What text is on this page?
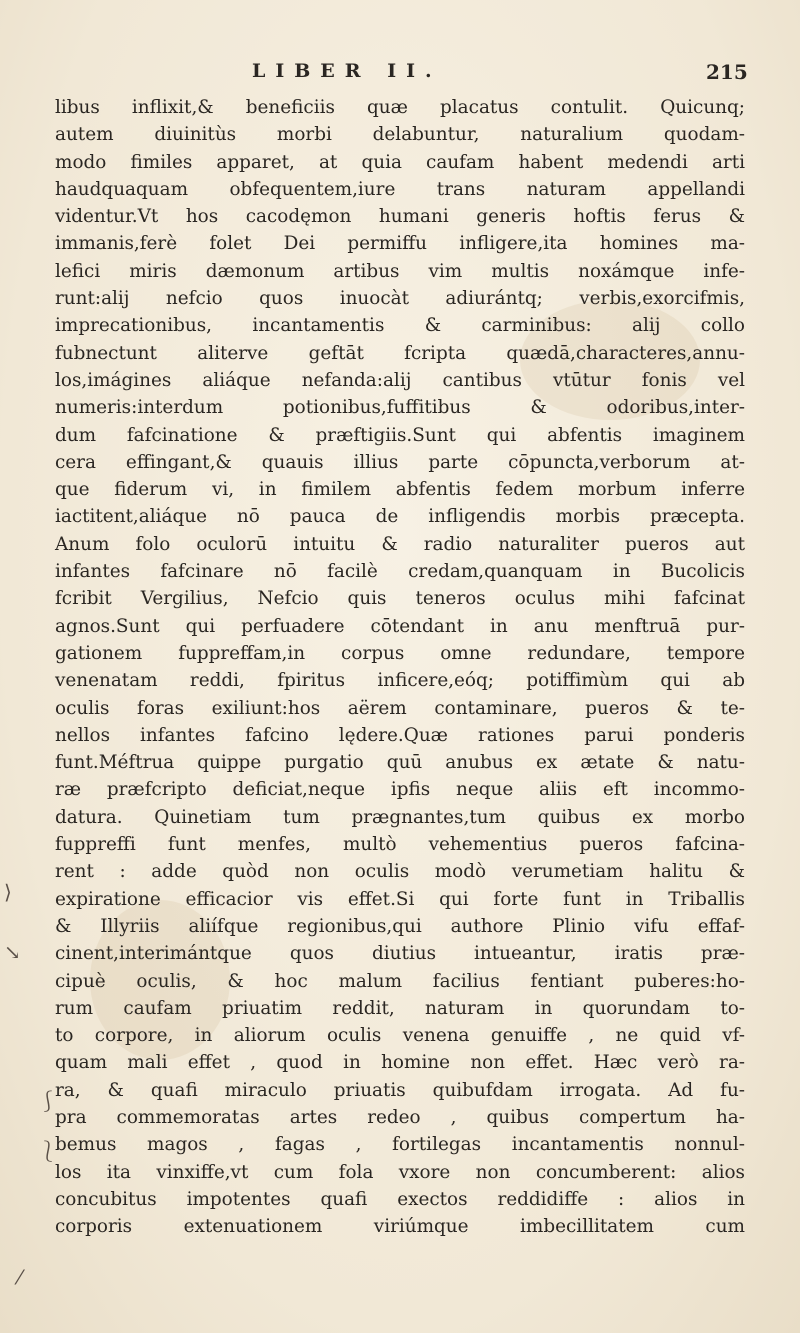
LIBER II.	215
libus inflixit,& beneficiis quæ placatus contulit. Quicunq;
autem diuinitùs morbi delabuntur, naturalium quodam-
modo fimiles apparet, at quia caufam habent medendi arti
haudquaquam obfequentem,iure trans naturam appellandi
videntur.Vt hos cacodęmon humani generis hoftis ferus &
immanis,ferè folet Dei permiffu infligere,ita homines ma-
lefici miris dæmonum artibus vim multis noxámque infe-
runt:alij nefcio quos inuocàt adiurántq; verbis,exorcifmis,
imprecationibus, incantamentis & carminibus: alij collo
fubnectunt aliterve geftāt fcripta quædā,characteres,annu-
los,imágines aliáque nefanda:alij cantibus vtūtur fonis vel
numeris:interdum potionibus,fuffitibus & odoribus,inter-
dum fafcinatione & præftigiis.Sunt qui abfentis imaginem
cera effingant,& quauis illius parte cōpuncta,verborum at-
que fiderum vi, in fimilem abfentis fedem morbum inferre
iactitent,aliáque nō pauca de infligendis morbis præcepta.
Anum folo oculorū intuitu & radio naturaliter pueros aut
infantes fafcinare nō facilè credam,quanquam in Bucolicis
fcribit Vergilius, Nefcio quis teneros oculus mihi fafcinat
agnos.Sunt qui perfuadere cōtendant in anu menftruā pur-
gationem fuppreffam,in corpus omne redundare, tempore
venenatam reddi, fpiritus inficere,eóq; potiffimùm qui ab
oculis foras exiliunt:hos aërem contaminare, pueros & te-
nellos infantes fafcino lędere.Quæ rationes parui ponderis
funt.Méftrua quippe purgatio quū anubus ex ætate & natu-
ræ præfcripto deficiat,neque ipfis neque aliis eft incommo-
datura. Quinetiam tum prægnantes,tum quibus ex morbo
fuppreffi funt menfes, multò vehementius pueros fafcina-
rent : adde quòd non oculis modò verumetiam halitu &
expiratione efficacior vis effet.Si qui forte funt in Triballis
& Illyriis aliífque regionibus,qui authore Plinio vifu effaf-
cinent,interimántque quos diutius intueantur, iratis præ-
cipuè oculis, & hoc malum facilius fentiant puberes:ho-
rum caufam priuatim reddit, naturam in quorundam to-
to corpore, in aliorum oculis venena genuiffe , ne quid vf-
quam mali effet , quod in homine non effet. Hæc verò ra-
ra, & quafi miraculo priuatis quibufdam irrogata. Ad fu-
pra commemoratas artes redeo , quibus compertum ha-
bemus magos , fagas , fortilegas incantamentis nonnul-
los ita vinxiffe,vt cum fola vxore non concumberent: alios
concubitus impotentes quafi exectos reddidiffe : alios in
corporis extenuationem viriúmque imbecillitatem cum
⟩
↘
⎰
⎱
⁄
